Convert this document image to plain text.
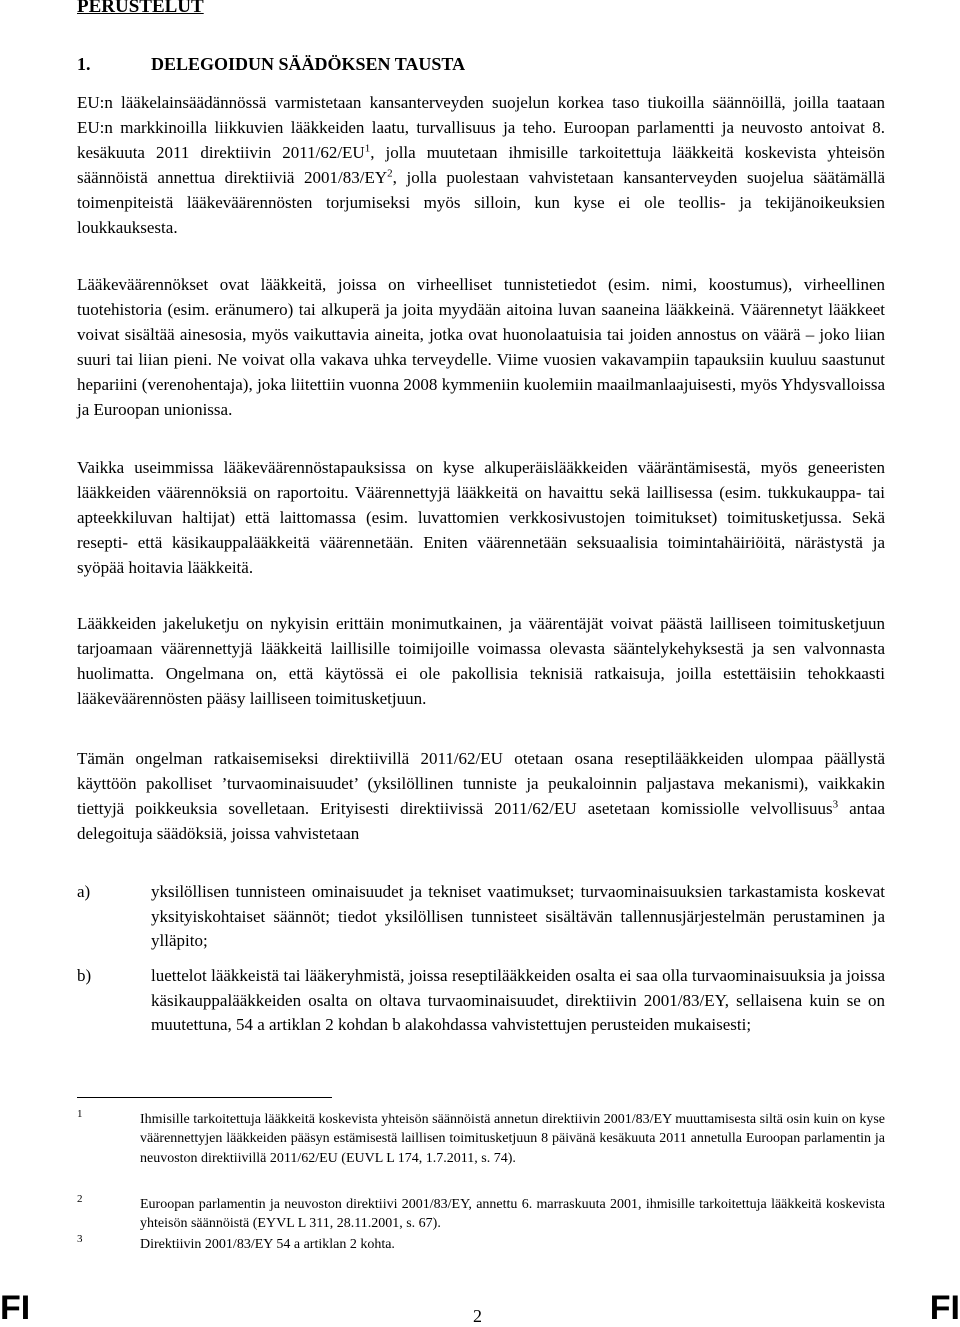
PERUSTELUT
1.	DELEGOIDUN SÄÄDÖKSEN TAUSTA

EU:n lääkelainsäädännössä varmistetaan kansanterveyden suojelun korkea taso tiukoilla säännöillä, joilla taataan EU:n markkinoilla liikkuvien lääkkeiden laatu, turvallisuus ja teho. Euroopan parlamentti ja neuvosto antoivat 8. kesäkuuta 2011 direktiivin $2011/62/EU^1$, jolla muutetaan ihmisille tarkoitettuja lääkkeitä koskevista yhteisön säännöistä annettua direktiiviä $2001/83/EY^2$, jolla puolestaan vahvistetaan kansanterveyden suojelua säätämällä toimenpiteistä lääkeväärennösten torjumiseksi myös silloin, kun kyse ei ole teollis- ja tekijänoikeuksien loukkauksesta.

Lääkeväärennökset ovat lääkkeitä, joissa on virheelliset tunnistetiedot (esim. nimi, koostumus), virheellinen tuotehistoria (esim. eränumero) tai alkuperä ja joita myydään aitoina luvan saaneina lääkkeinä. Väärennetyt lääkkeet voivat sisältää ainesosia, myös vaikuttavia aineita, jotka ovat huonolaatuisia tai joiden annostus on väärä – joko liian suuri tai liian pieni. Ne voivat olla vakava uhka terveydelle. Viime vuosien vakavampiin tapauksiin kuuluu saastunut hepariini (verenohentaja), joka liitettiin vuonna 2008 kymmeniin kuolemiin maailmanlaajuisesti, myös Yhdysvalloissa ja Euroopan unionissa.

Vaikka useimmissa lääkeväärennöstapauksissa on kyse alkuperäislääkkeiden vääräntämisestä, myös geneeristen lääkkeiden väärennöksiä on raportoitu. Väärennettyjä lääkkeitä on havaittu sekä laillisessa (esim. tukkukauppa- tai apteekkiluvan haltijat) että laittomassa (esim. luvattomien verkkosivustojen toimitukset) toimitusketjussa. Sekä resepti- että käsikauppalääkkeitä väärennetään. Eniten väärennetään seksuaalisia toimintahäiriöitä, närästystä ja syöpää hoitavia lääkkeitä.

Lääkkeiden jakeluketju on nykyisin erittäin monimutkainen, ja väärentäjät voivat päästä lailliseen toimitusketjuun tarjoamaan väärennettyjä lääkkeitä laillisille toimijoille voimassa olevasta sääntelykehyksestä ja sen valvonnasta huolimatta. Ongelmana on, että käytössä ei ole pakollisia teknisiä ratkaisuja, joilla estettäisiin tehokkaasti lääkeväärennösten pääsy lailliseen toimitusketjuun.

Tämän ongelman ratkaisemiseksi direktiivillä 2011/62/EU otetaan osana reseptilääkkeiden ulompaa päällystä käyttöön pakolliset ’turvaominaisuudet’ (yksilöllinen tunniste ja peukaloinnin paljastava mekanismi), vaikkakin tiettyjä poikkeuksia sovelletaan. Erityisesti direktiivissä 2011/62/EU asetetaan komissiolle velvollisuus$^3$ antaa delegoituja säädöksiä, joissa vahvistetaan

a)	yksilöllisen tunnisteen ominaisuudet ja tekniset vaatimukset; turvaominaisuuksien tarkastamista koskevat yksityiskohtaiset säännöt; tiedot yksilöllisen tunnisteet sisältävän tallennusjärjestelmän perustaminen ja ylläpito;
b)	luettelot lääkkeistä tai lääkeryhmistä, joissa reseptilääkkeiden osalta ei saa olla turvaominaisuuksia ja joissa käsikauppalääkkeiden osalta on oltava turvaominaisuudet, direktiivin 2001/83/EY, sellaisena kuin se on muutettuna, 54 a artiklan 2 kohdan b alakohdassa vahvistettujen perusteiden mukaisesti;
1	Ihmisille tarkoitettuja lääkkeitä koskevista yhteisön säännöistä annetun direktiivin 2001/83/EY muuttamisesta siltä osin kuin on kyse väärennettyjen lääkkeiden pääsyn estämisestä laillisen toimitusketjuun 8 päivänä kesäkuuta 2011 annetulla Euroopan parlamentin ja neuvoston direktiivillä 2011/62/EU (EUVL L 174, 1.7.2011, s. 74).
2	Euroopan parlamentin ja neuvoston direktiivi 2001/83/EY, annettu 6. marraskuuta 2001, ihmisille tarkoitettuja lääkkeitä koskevista yhteisön säännöistä (EYVL L 311, 28.11.2001, s. 67).
3	Direktiivin 2001/83/EY 54 a artiklan 2 kohta.
FI	2	FI
